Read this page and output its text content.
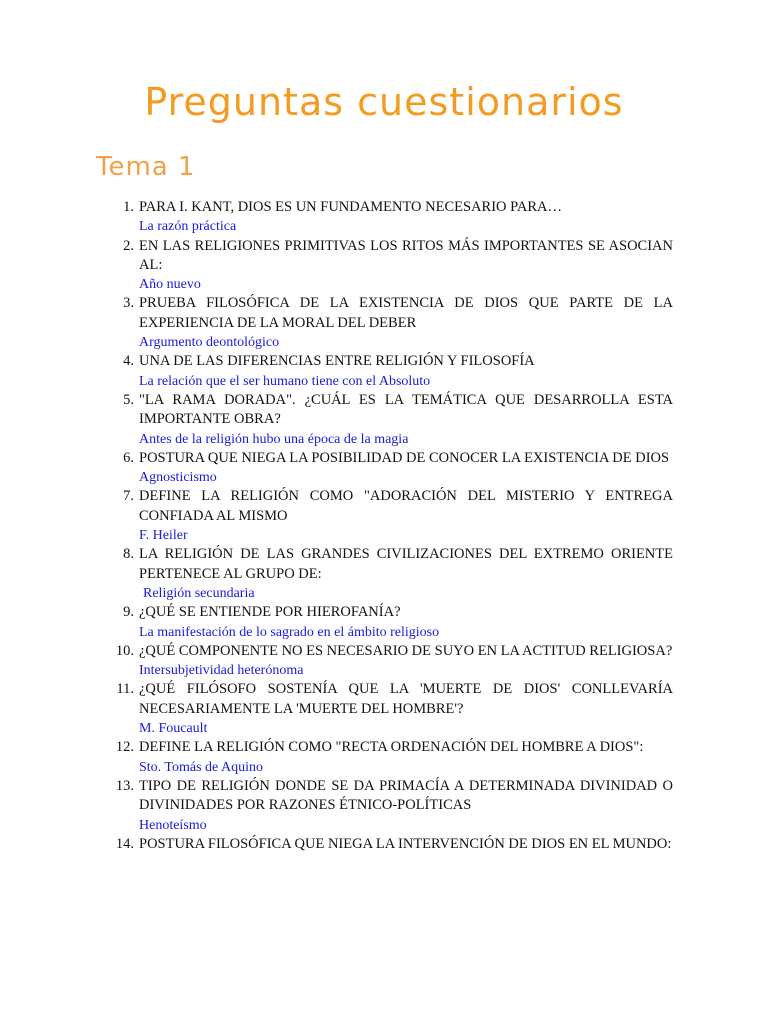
Preguntas cuestionarios
Tema 1
1. PARA I. KANT, DIOS ES UN FUNDAMENTO NECESARIO PARA…
La razón práctica
2. EN LAS RELIGIONES PRIMITIVAS LOS RITOS MÁS IMPORTANTES SE ASOCIAN AL:
Año nuevo
3. PRUEBA FILOSÓFICA DE LA EXISTENCIA DE DIOS QUE PARTE DE LA EXPERIENCIA DE LA MORAL DEL DEBER
Argumento deontológico
4. UNA DE LAS DIFERENCIAS ENTRE RELIGIÓN Y FILOSOFÍA
La relación que el ser humano tiene con el Absoluto
5. "LA RAMA DORADA". ¿CUÁL ES LA TEMÁTICA QUE DESARROLLA ESTA IMPORTANTE OBRA?
Antes de la religión hubo una época de la magia
6. POSTURA QUE NIEGA LA POSIBILIDAD DE CONOCER LA EXISTENCIA DE DIOS
Agnosticismo
7. DEFINE LA RELIGIÓN COMO "ADORACIÓN DEL MISTERIO Y ENTREGA CONFIADA AL MISMO
F. Heiler
8. LA RELIGIÓN DE LAS GRANDES CIVILIZACIONES DEL EXTREMO ORIENTE PERTENECE AL GRUPO DE:
Religión secundaria
9. ¿QUÉ SE ENTIENDE POR HIEROFANÍA?
La manifestación de lo sagrado en el ámbito religioso
10. ¿QUÉ COMPONENTE NO ES NECESARIO DE SUYO EN LA ACTITUD RELIGIOSA?
Intersubjetividad heterónoma
11. ¿QUÉ FILÓSOFO SOSTENÍA QUE LA 'MUERTE DE DIOS' CONLLEVARÍA NECESARIAMENTE LA 'MUERTE DEL HOMBRE'?
M. Foucault
12. DEFINE LA RELIGIÓN COMO "RECTA ORDENACIÓN DEL HOMBRE A DIOS":
Sto. Tomás de Aquino
13. TIPO DE RELIGIÓN DONDE SE DA PRIMACÍA A DETERMINADA DIVINIDAD O DIVINIDADES POR RAZONES ÉTNICO-POLÍTICAS
Henoteísmo
14. POSTURA FILOSÓFICA QUE NIEGA LA INTERVENCIÓN DE DIOS EN EL MUNDO:
